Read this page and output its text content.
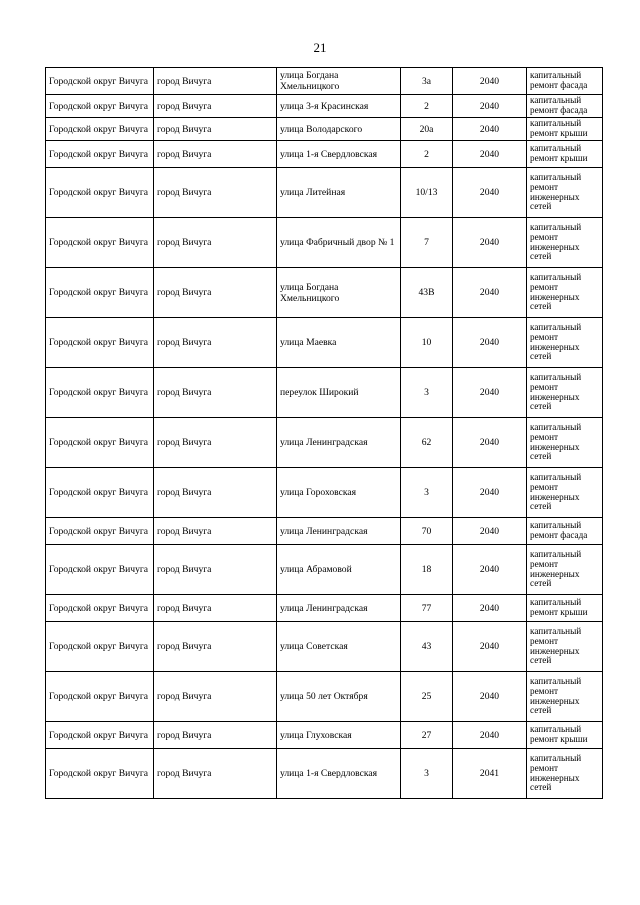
21
Городской округ Вичуга	город Вичуга	улица Богдана Хмельницкого	3а	2040	капитальный ремонт фасада
Городской округ Вичуга	город Вичуга	улица 3-я Красинская	2	2040	капитальный ремонт фасада
Городской округ Вичуга	город Вичуга	улица Володарского	20а	2040	капитальный ремонт крыши
Городской округ Вичуга	город Вичуга	улица 1-я Свердловская	2	2040	капитальный ремонт крыши
Городской округ Вичуга	город Вичуга	улица Литейная	10/13	2040	капитальный ремонт инженерных сетей
Городской округ Вичуга	город Вичуга	улица Фабричный двор № 1	7	2040	капитальный ремонт инженерных сетей
Городской округ Вичуга	город Вичуга	улица Богдана Хмельницкого	43В	2040	капитальный ремонт инженерных сетей
Городской округ Вичуга	город Вичуга	улица Маевка	10	2040	капитальный ремонт инженерных сетей
Городской округ Вичуга	город Вичуга	переулок Широкий	3	2040	капитальный ремонт инженерных сетей
Городской округ Вичуга	город Вичуга	улица Ленинградская	62	2040	капитальный ремонт инженерных сетей
Городской округ Вичуга	город Вичуга	улица Гороховская	3	2040	капитальный ремонт инженерных сетей
Городской округ Вичуга	город Вичуга	улица Ленинградская	70	2040	капитальный ремонт фасада
Городской округ Вичуга	город Вичуга	улица Абрамовой	18	2040	капитальный ремонт инженерных сетей
Городской округ Вичуга	город Вичуга	улица Ленинградская	77	2040	капитальный ремонт крыши
Городской округ Вичуга	город Вичуга	улица Советская	43	2040	капитальный ремонт инженерных сетей
Городской округ Вичуга	город Вичуга	улица 50 лет Октября	25	2040	капитальный ремонт инженерных сетей
Городской округ Вичуга	город Вичуга	улица Глуховская	27	2040	капитальный ремонт крыши
Городской округ Вичуга	город Вичуга	улица 1-я Свердловская	3	2041	капитальный ремонт инженерных сетей
